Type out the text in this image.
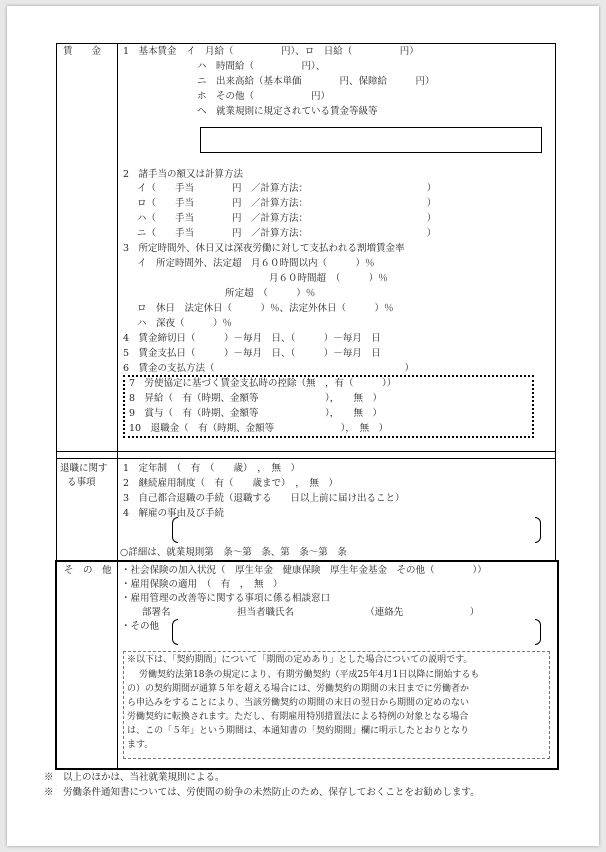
賃　　金 1　基本賃金　イ　月給（　　　　　円）、ロ　日給（　　　　　円）
ハ　時間給（　　　　　円）、
ニ　出来高給（基本単価　　　　円、保障給　　　円）
ホ　その他（　　　　　　円）
ヘ　就業規則に規定されている賃金等級等
2　諸手当の額又は計算方法
イ（　　手当　　　　円　／計算方法：　　　　　　　　　　　　　）
ロ（　　手当　　　　円　／計算方法：　　　　　　　　　　　　　）
ハ（　　手当　　　　円　／計算方法：　　　　　　　　　　　　　）
ニ（　　手当　　　　円　／計算方法：　　　　　　　　　　　　　）
3　所定時間外、休日又は深夜労働に対して支払われる割増賃金率
イ　所定時間外、法定超　月６０時間以内（　　　）％
月６０時間超　（　　　）％
所定超　（　　　）％
ロ　休日　法定休日（　　　）％、法定外休日（　　　）％
ハ　深夜（　　　）％
4　賃金締切日（　　　）－毎月　日、（　　　）－毎月　日
5　賃金支払日（　　　）－毎月　日、（　　　）－毎月　日
6　賃金の支払方法（　　　　　　　　　　　　　　　　　　　　）
7　労使協定に基づく賃金支払時の控除（無　，有（　　　））
8　昇給（　有（時期、金額等　　　　　　　），　　無　）
9　賞与（　有（時期、金額等　　　　　　　），　　無　）
10　退職金（　有（時期、金額等　　　　　　　），　無　）
退職に関す
る事項
1　定年制　（　有　（　　歳）　，　無　）
2　継続雇用制度（　有（　　歳まで）　，　無　）
3　自己都合退職の手続（退職する　　日以上前に届け出ること）
4　解雇の事由及び手続
○詳細は、就業規則第　条～第　条、第　条～第　条
そ　の　他 ・社会保険の加入状況（　厚生年金　健康保険　厚生年金基金　その他（　　　　））
・雇用保険の適用　（　有　，　無　）
・雇用管理の改善等に関する事項に係る相談窓口
部署名　　　　　　　担当者職氏名　　　　　　　　（連絡先　　　　　　　）
・その他
※以下は、「契約期間」について「期間の定めあり」とした場合についての説明です。
労働契約法第18条の規定により、有期労働契約（平成25年4月1日以降に開始するも
の）の契約期間が通算５年を超える場合には、労働契約の期間の末日までに労働者か
ら申込みをすることにより、当該労働契約の期間の末日の翌日から期間の定めのない
労働契約に転換されます。ただし、有期雇用特別措置法による特例の対象となる場合
は、この「５年」という期間は、本通知書の「契約期間」欄に明示したとおりとなり
ます。
※　以上のほかは、当社就業規則による。
※　労働条件通知書については、労使間の紛争の未然防止のため、保存しておくことをお勧めします。
